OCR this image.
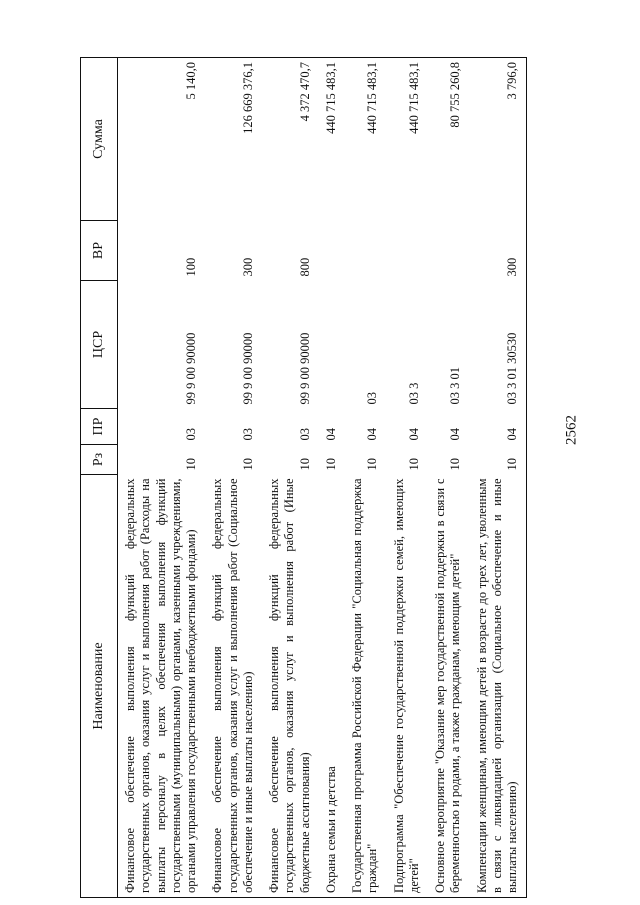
2562
Наименование	Рз	ПР	ЦСР	ВР	Сумма
Финансовое обеспечение выполнения функций федеральных государственных органов, оказания услуг и выполнения работ (Расходы на выплаты персоналу в целях обеспечения выполнения функций государственными (муниципальными) органами, казенными учреждениями, органами управления государственными внебюджетными фондами)	10	03	99 9 00 90000	100	5 140,0
Финансовое обеспечение выполнения функций федеральных государственных органов, оказания услуг и выполнения работ (Социальное обеспечение и иные выплаты населению)	10	03	99 9 00 90000	300	126 669 376,1
Финансовое обеспечение выполнения функций федеральных государственных органов, оказания услуг и выполнения работ (Иные бюджетные ассигнования)	10	03	99 9 00 90000	800	4 372 470,7
Охрана семьи и детства	10	04			440 715 483,1
Государственная программа Российской Федерации "Социальная поддержка граждан"	10	04	03		440 715 483,1
Подпрограмма "Обеспечение государственной поддержки семей, имеющих детей"	10	04	03 3		440 715 483,1
Основное мероприятие "Оказание мер государственной поддержки в связи с беременностью и родами, а также гражданам, имеющим детей"	10	04	03 3 01		80 755 260,8
Компенсации женщинам, имеющим детей в возрасте до трех лет, уволенным в связи с ликвидацией организации (Социальное обеспечение и иные выплаты населению)	10	04	03 3 01 30530	300	3 796,0
